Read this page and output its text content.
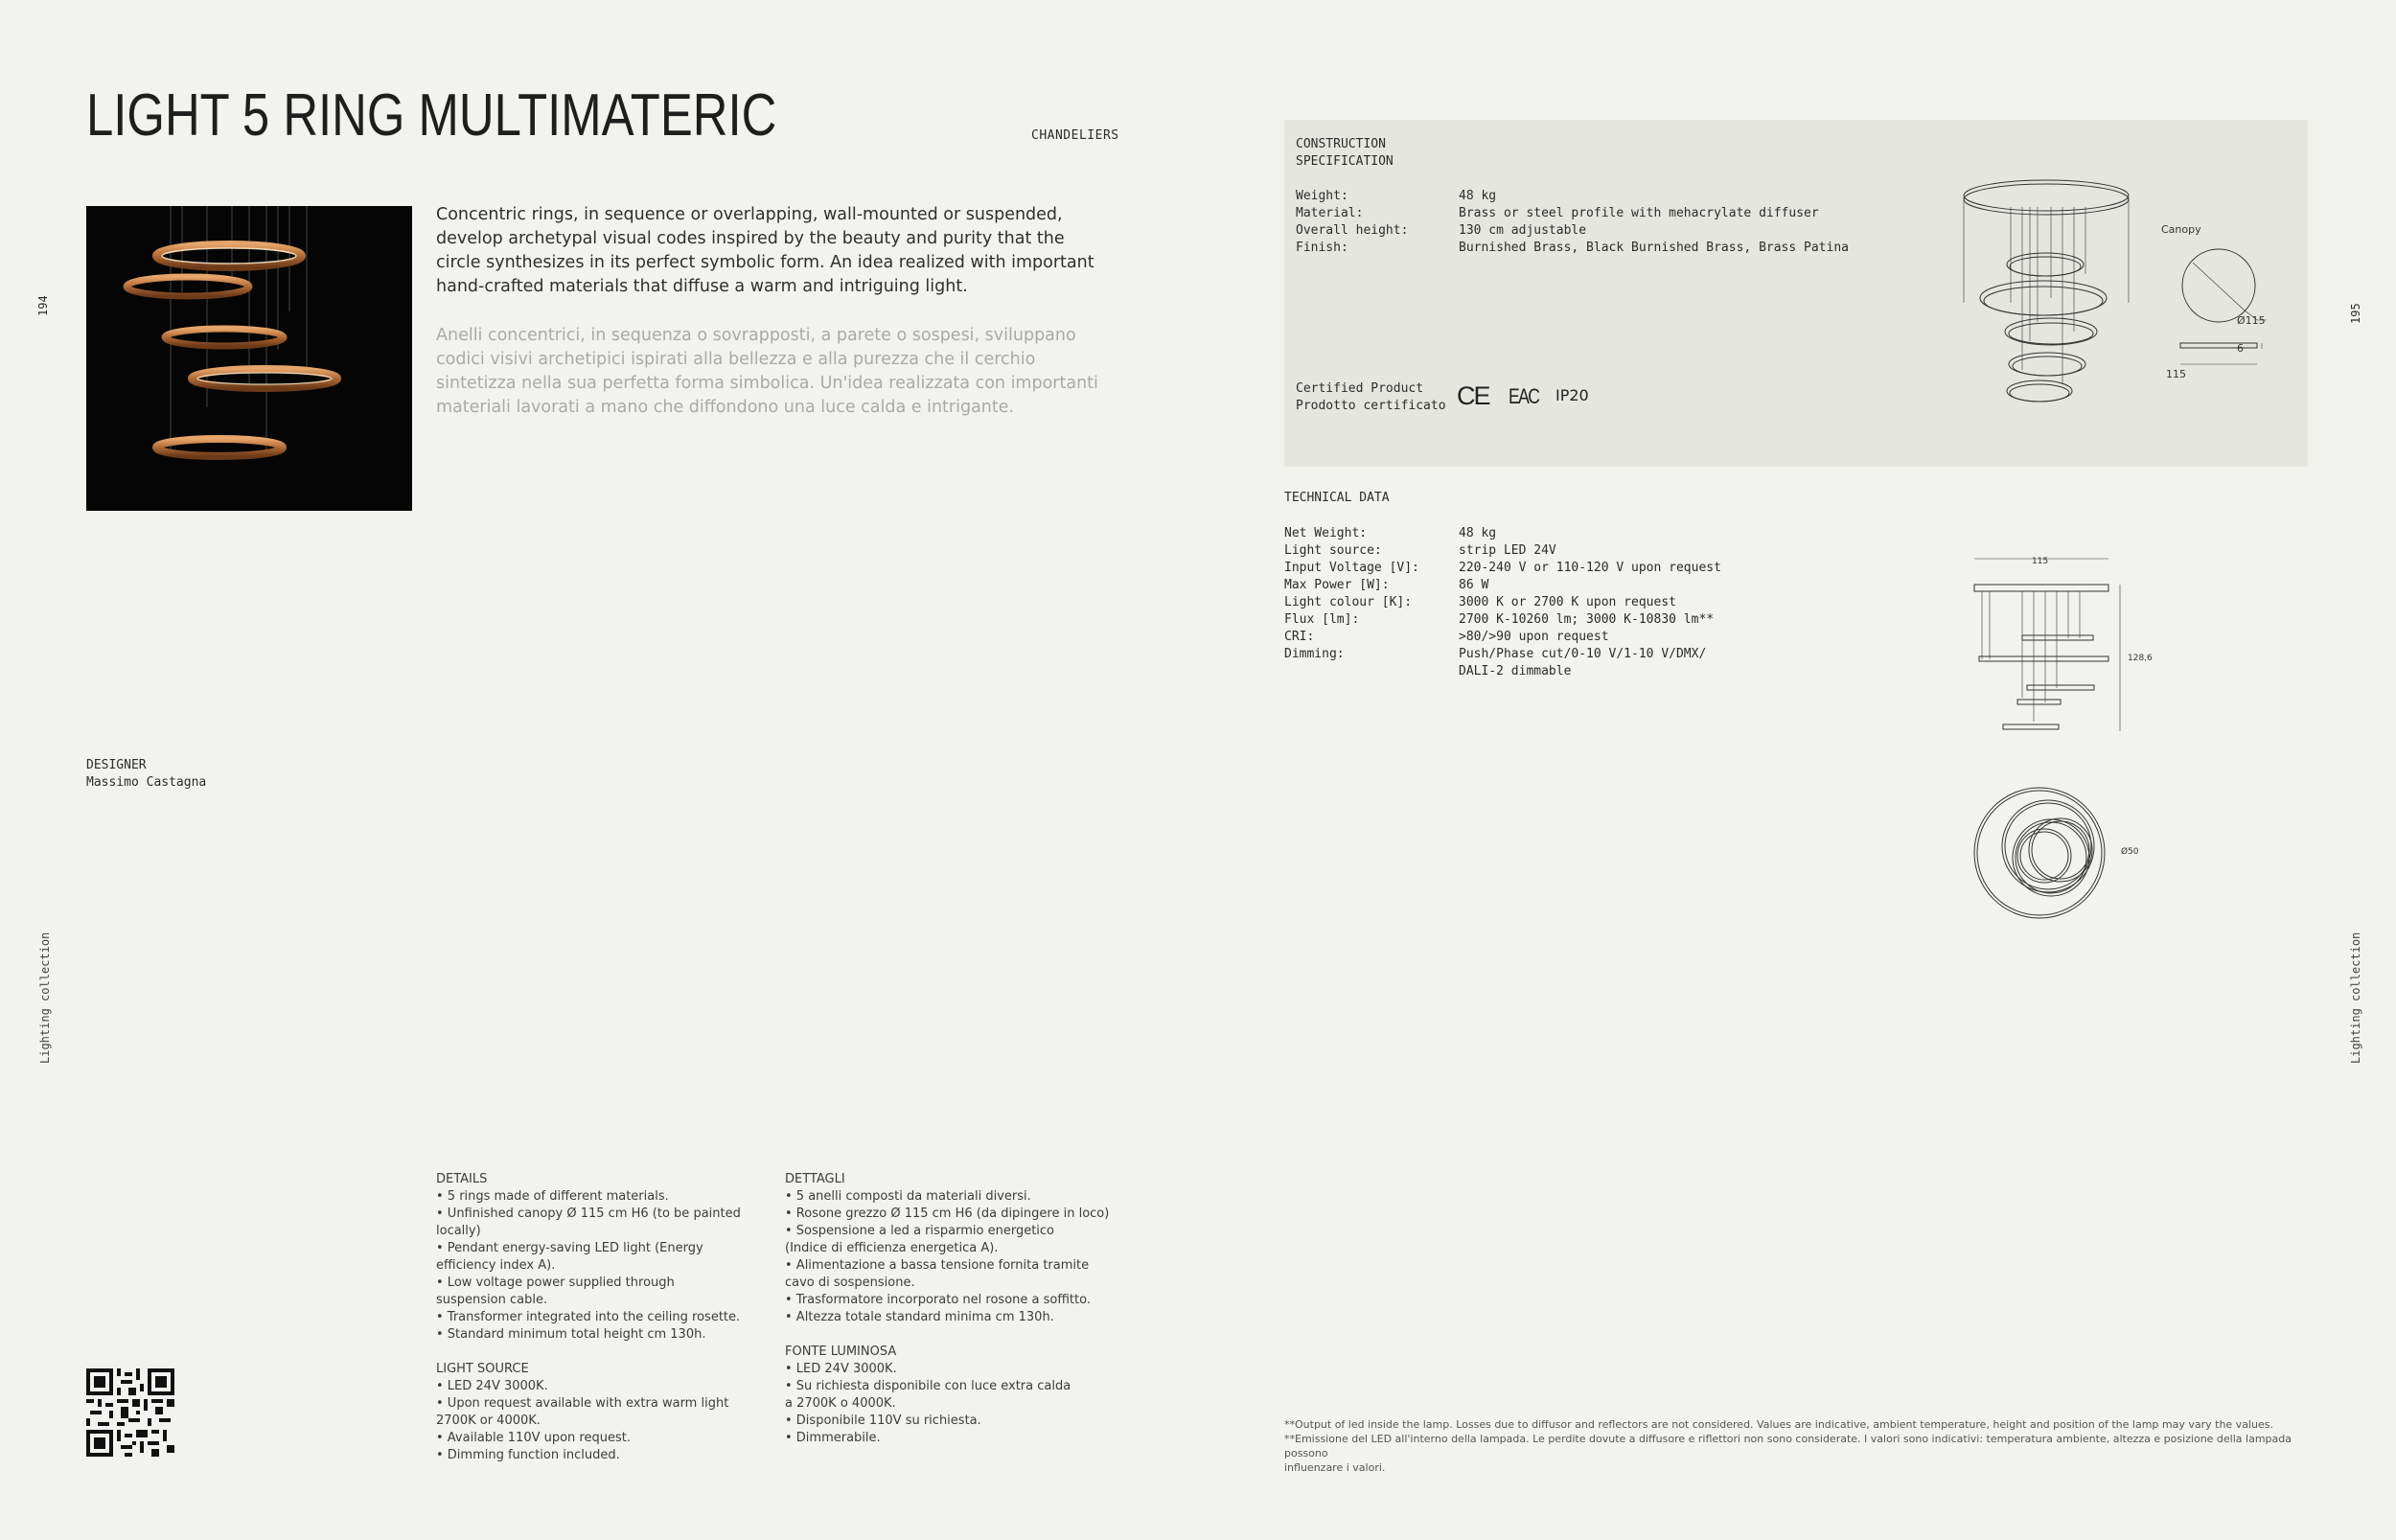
LIGHT 5 RING MULTIMATERIC	CHANDELIERS
Concentric rings, in sequence or overlapping, wall-mounted or suspended, develop archetypal visual codes inspired by the beauty and purity that the circle synthesizes in its perfect symbolic form. An idea realized with important hand-crafted materials that diffuse a warm and intriguing light.
Anelli concentrici, in sequenza o sovrapposti, a parete o sospesi, sviluppano codici visivi archetipici ispirati alla bellezza e alla purezza che il cerchio sintetizza nella sua perfetta forma simbolica. Un'idea realizzata con importanti materiali lavorati a mano che diffondono una luce calda e intrigante.
DESIGNER
Massimo Castagna
194
Lighting collection
DETAILS
• 5 rings made of different materials.
• Unfinished canopy Ø 115 cm H6 (to be painted
locally)
• Pendant energy-saving LED light (Energy
efficiency index A).
• Low voltage power supplied through
suspension cable.
• Transformer integrated into the ceiling rosette.
• Standard minimum total height cm 130h.
LIGHT SOURCE
• LED 24V 3000K.
• Upon request available with extra warm light
2700K or 4000K.
• Available 110V upon request.
• Dimming function included.
DETTAGLI
• 5 anelli composti da materiali diversi.
• Rosone grezzo Ø 115 cm H6 (da dipingere in loco)
• Sospensione a led a risparmio energetico
(Indice di efficienza energetica A).
• Alimentazione a bassa tensione fornita tramite
cavo di sospensione.
• Trasformatore incorporato nel rosone a soffitto.
• Altezza totale standard minima cm 130h.
FONTE LUMINOSA
• LED 24V 3000K.
• Su richiesta disponibile con luce extra calda
a 2700K o 4000K.
• Disponibile 110V su richiesta.
• Dimmerabile.
CONSTRUCTION
SPECIFICATION
Weight:	48 kg
Material:	Brass or steel profile with mehacrylate diffuser
Overall height:	130 cm adjustable
Finish:	Burnished Brass, Black Burnished Brass, Brass Patina
Certified Product
Prodotto certificato CE EAC IP20
Canopy
Ø115
6
115
TECHNICAL DATA
Net Weight:	48 kg
Light source:	strip LED 24V
Input Voltage [V]:	220-240 V or 110-120 V upon request
Max Power [W]:	86 W
Light colour [K]:	3000 K or 2700 K upon request
Flux [lm]:	2700 K-10260 lm; 3000 K-10830 lm**
CRI:	>80/>90 upon request
Dimming:	Push/Phase cut/0-10 V/1-10 V/DMX/
DALI-2 dimmable
115
128,6
Ø50
195
Lighting collection
**Output of led inside the lamp. Losses due to diffusor and reflectors are not considered. Values are indicative, ambient temperature, height and position of the lamp may vary the values.
**Emissione del LED all'interno della lampada. Le perdite dovute a diffusore e riflettori non sono considerate. I valori sono indicativi: temperatura ambiente, altezza e posizione della lampada possono
influenzare i valori.
